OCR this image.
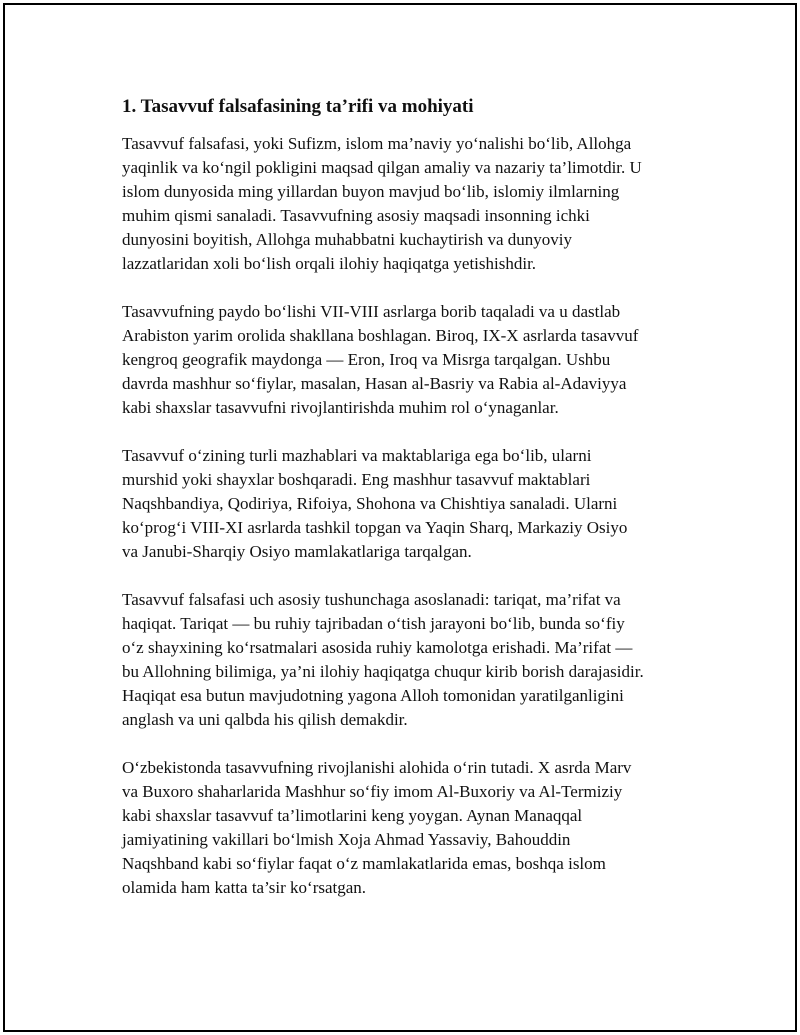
1. Tasavvuf falsafasining ta’rifi va mohiyati

Tasavvuf falsafasi, yoki Sufizm, islom ma’naviy yo‘nalishi bo‘lib, Allohga
yaqinlik va ko‘ngil pokligini maqsad qilgan amaliy va nazariy ta’limotdir. U
islom dunyosida ming yillardan buyon mavjud bo‘lib, islomiy ilmlarning
muhim qismi sanaladi. Tasavvufning asosiy maqsadi insonning ichki
dunyosini boyitish, Allohga muhabbatni kuchaytirish va dunyoviy
lazzatlaridan xoli bo‘lish orqali ilohiy haqiqatga yetishishdir.

Tasavvufning paydo bo‘lishi VII-VIII asrlarga borib taqaladi va u dastlab
Arabiston yarim orolida shakllana boshlagan. Biroq, IX-X asrlarda tasavvuf
kengroq geografik maydonga — Eron, Iroq va Misrga tarqalgan. Ushbu
davrda mashhur so‘fiylar, masalan, Hasan al-Basriy va Rabia al-Adaviyya
kabi shaxslar tasavvufni rivojlantirishda muhim rol o‘ynaganlar.

Tasavvuf o‘zining turli mazhablari va maktablariga ega bo‘lib, ularni
murshid yoki shayxlar boshqaradi. Eng mashhur tasavvuf maktablari
Naqshbandiya, Qodiriya, Rifoiya, Shohona va Chishtiya sanaladi. Ularni
ko‘prog‘i VIII-XI asrlarda tashkil topgan va Yaqin Sharq, Markaziy Osiyo
va Janubi-Sharqiy Osiyo mamlakatlariga tarqalgan.

Tasavvuf falsafasi uch asosiy tushunchaga asoslanadi: tariqat, ma’rifat va
haqiqat. Tariqat — bu ruhiy tajribadan o‘tish jarayoni bo‘lib, bunda so‘fiy
o‘z shayxining ko‘rsatmalari asosida ruhiy kamolotga erishadi. Ma’rifat —
bu Allohning bilimiga, ya’ni ilohiy haqiqatga chuqur kirib borish darajasidir.
Haqiqat esa butun mavjudotning yagona Alloh tomonidan yaratilganligini
anglash va uni qalbda his qilish demakdir.

O‘zbekistonda tasavvufning rivojlanishi alohida o‘rin tutadi. X asrda Marv
va Buxoro shaharlarida Mashhur so‘fiy imom Al-Buxoriy va Al-Termiziy
kabi shaxslar tasavvuf ta’limotlarini keng yoygan. Aynan Manaqqal
jamiyatining vakillari bo‘lmish Xoja Ahmad Yassaviy, Bahouddin
Naqshband kabi so‘fiylar faqat o‘z mamlakatlarida emas, boshqa islom
olamida ham katta ta’sir ko‘rsatgan.
